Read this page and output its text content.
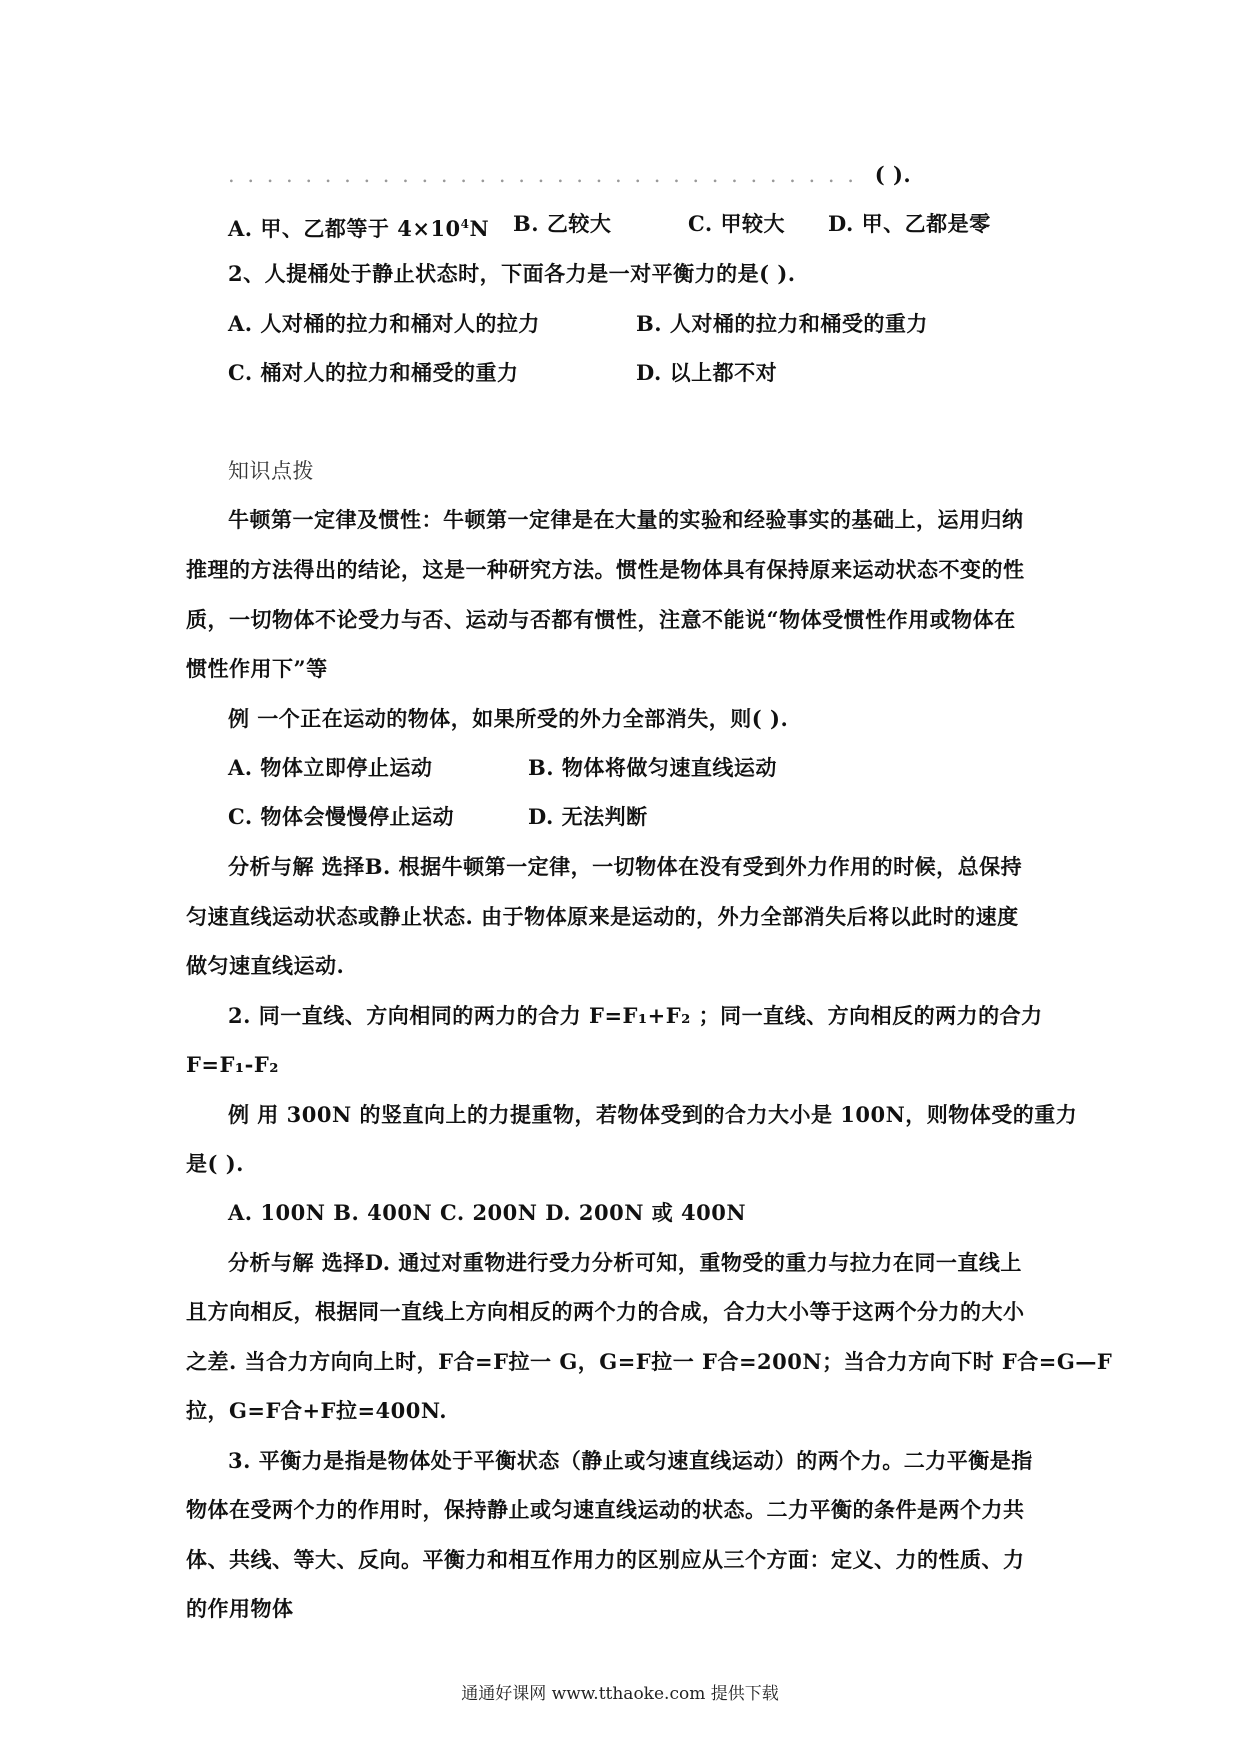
. . . . . . . . . . . . . . . . . . . . . . . . . . . . . . . . . ( ).
A. 甲、乙都等于 $4\times 10^4N$ B. 乙较大	C. 甲较大 D. 甲、乙都是零
2、人提桶处于静止状态时，下面各力是一对平衡力的是( ).
A. 人对桶的拉力和桶对人的拉力	B. 人对桶的拉力和桶受的重力
C. 桶对人的拉力和桶受的重力	D. 以上都不对
知识点拨
牛顿第一定律及惯性：牛顿第一定律是在大量的实验和经验事实的基础上，运用归纳
推理的方法得出的结论，这是一种研究方法。惯性是物体具有保持原来运动状态不变的性
质，一切物体不论受力与否、运动与否都有惯性，注意不能说“物体受惯性作用或物体在
惯性作用下”等
例 一个正在运动的物体，如果所受的外力全部消失，则( ).
A. 物体立即停止运动	B. 物体将做匀速直线运动
C. 物体会慢慢停止运动	D. 无法判断
分析与解 选择B. 根据牛顿第一定律，一切物体在没有受到外力作用的时候，总保持
匀速直线运动状态或静止状态. 由于物体原来是运动的，外力全部消失后将以此时的速度
做匀速直线运动.
2. 同一直线、方向相同的两力的合力 F=F₁+F₂ ；同一直线、方向相反的两力的合力
F=F₁-F₂
例 用 300N 的竖直向上的力提重物，若物体受到的合力大小是 100N，则物体受的重力
是( ).
A. 100N B. 400N C. 200N D. 200N 或 400N
分析与解 选择D. 通过对重物进行受力分析可知，重物受的重力与拉力在同一直线上
且方向相反，根据同一直线上方向相反的两个力的合成，合力大小等于这两个分力的大小
之差. 当合力方向向上时，F合=F拉一 G，G=F拉一 F合=200N；当合力方向下时 F合=G—F
拉，G=F合+F拉=400N.
3. 平衡力是指是物体处于平衡状态（静止或匀速直线运动）的两个力。二力平衡是指
物体在受两个力的作用时，保持静止或匀速直线运动的状态。二力平衡的条件是两个力共
体、共线、等大、反向。平衡力和相互作用力的区别应从三个方面：定义、力的性质、力
的作用物体
通通好课网 www.tthaoke.com 提供下载
